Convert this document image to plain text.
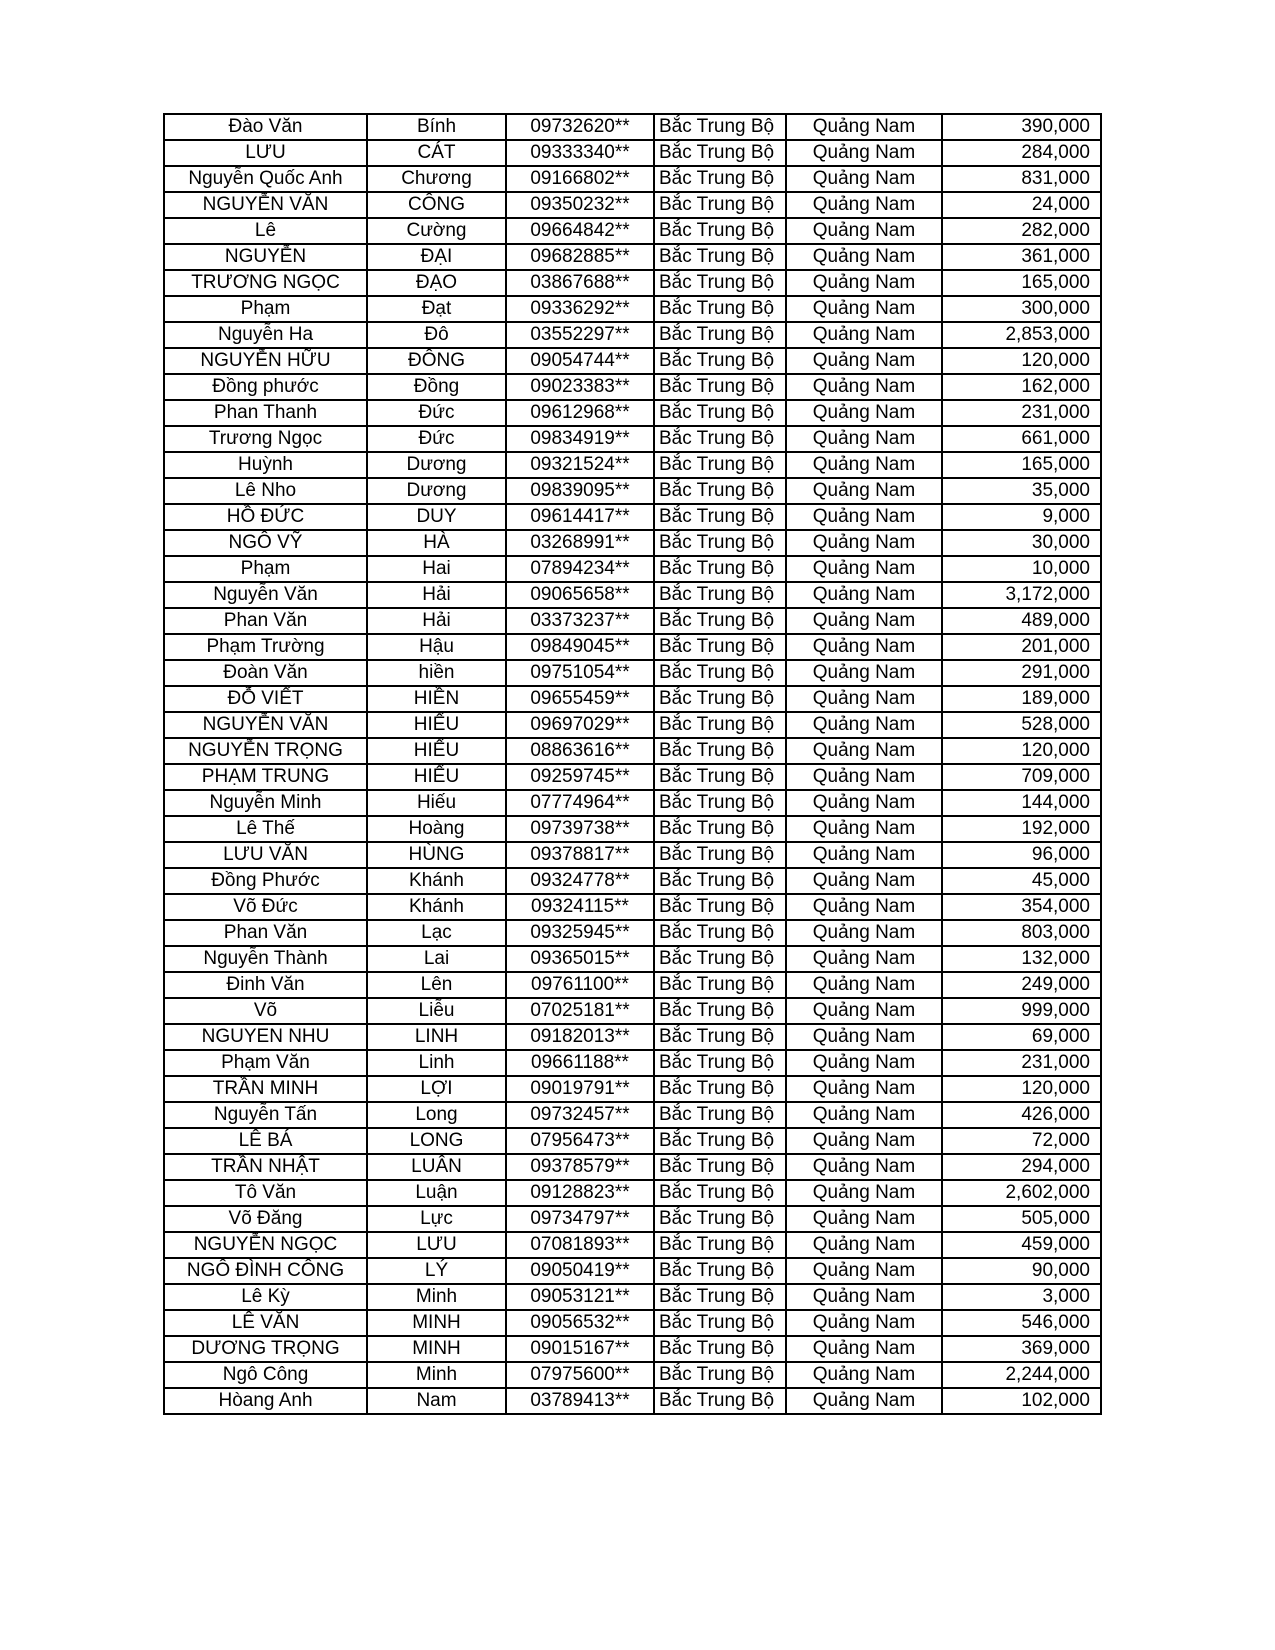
Đào Văn	Bính	09732620**	Bắc Trung Bộ	Quảng Nam	390,000
LƯU	CÁT	09333340**	Bắc Trung Bộ	Quảng Nam	284,000
Nguyễn Quốc Anh	Chương	09166802**	Bắc Trung Bộ	Quảng Nam	831,000
NGUYỄN VĂN	CÔNG	09350232**	Bắc Trung Bộ	Quảng Nam	24,000
Lê	Cường	09664842**	Bắc Trung Bộ	Quảng Nam	282,000
NGUYỄN	ĐẠI	09682885**	Bắc Trung Bộ	Quảng Nam	361,000
TRƯƠNG NGỌC	ĐẠO	03867688**	Bắc Trung Bộ	Quảng Nam	165,000
Phạm	Đạt	09336292**	Bắc Trung Bộ	Quảng Nam	300,000
Nguyễn Ha	Đô	03552297**	Bắc Trung Bộ	Quảng Nam	2,853,000
NGUYỄN HỮU	ĐÔNG	09054744**	Bắc Trung Bộ	Quảng Nam	120,000
Đồng phước	Đồng	09023383**	Bắc Trung Bộ	Quảng Nam	162,000
Phan Thanh	Đức	09612968**	Bắc Trung Bộ	Quảng Nam	231,000
Trương Ngọc	Đức	09834919**	Bắc Trung Bộ	Quảng Nam	661,000
Huỳnh	Dương	09321524**	Bắc Trung Bộ	Quảng Nam	165,000
Lê Nho	Dương	09839095**	Bắc Trung Bộ	Quảng Nam	35,000
HỒ ĐỨC	DUY	09614417**	Bắc Trung Bộ	Quảng Nam	9,000
NGÔ VỸ	HÀ	03268991**	Bắc Trung Bộ	Quảng Nam	30,000
Phạm	Hai	07894234**	Bắc Trung Bộ	Quảng Nam	10,000
Nguyễn Văn	Hải	09065658**	Bắc Trung Bộ	Quảng Nam	3,172,000
Phan Văn	Hải	03373237**	Bắc Trung Bộ	Quảng Nam	489,000
Phạm Trường	Hậu	09849045**	Bắc Trung Bộ	Quảng Nam	201,000
Đoàn Văn	hiền	09751054**	Bắc Trung Bộ	Quảng Nam	291,000
ĐỖ VIẾT	HIỀN	09655459**	Bắc Trung Bộ	Quảng Nam	189,000
NGUYỄN VĂN	HIẾU	09697029**	Bắc Trung Bộ	Quảng Nam	528,000
NGUYỄN TRỌNG	HIẾU	08863616**	Bắc Trung Bộ	Quảng Nam	120,000
PHẠM TRUNG	HIẾU	09259745**	Bắc Trung Bộ	Quảng Nam	709,000
Nguyễn Minh	Hiếu	07774964**	Bắc Trung Bộ	Quảng Nam	144,000
Lê Thế	Hoàng	09739738**	Bắc Trung Bộ	Quảng Nam	192,000
LƯU VĂN	HÙNG	09378817**	Bắc Trung Bộ	Quảng Nam	96,000
Đồng Phước	Khánh	09324778**	Bắc Trung Bộ	Quảng Nam	45,000
Võ Đức	Khánh	09324115**	Bắc Trung Bộ	Quảng Nam	354,000
Phan Văn	Lạc	09325945**	Bắc Trung Bộ	Quảng Nam	803,000
Nguyễn Thành	Lai	09365015**	Bắc Trung Bộ	Quảng Nam	132,000
Đinh Văn	Lên	09761100**	Bắc Trung Bộ	Quảng Nam	249,000
Võ	Liễu	07025181**	Bắc Trung Bộ	Quảng Nam	999,000
NGUYEN NHU	LINH	09182013**	Bắc Trung Bộ	Quảng Nam	69,000
Phạm Văn	Linh	09661188**	Bắc Trung Bộ	Quảng Nam	231,000
TRẦN MINH	LỢI	09019791**	Bắc Trung Bộ	Quảng Nam	120,000
Nguyễn Tấn	Long	09732457**	Bắc Trung Bộ	Quảng Nam	426,000
LÊ BÁ	LONG	07956473**	Bắc Trung Bộ	Quảng Nam	72,000
TRẦN NHẬT	LUÂN	09378579**	Bắc Trung Bộ	Quảng Nam	294,000
Tô Văn	Luận	09128823**	Bắc Trung Bộ	Quảng Nam	2,602,000
Võ Đăng	Lực	09734797**	Bắc Trung Bộ	Quảng Nam	505,000
NGUYỄN NGỌC	LƯU	07081893**	Bắc Trung Bộ	Quảng Nam	459,000
NGÔ ĐÌNH CÔNG	LÝ	09050419**	Bắc Trung Bộ	Quảng Nam	90,000
Lê Kỳ	Minh	09053121**	Bắc Trung Bộ	Quảng Nam	3,000
LÊ VĂN	MINH	09056532**	Bắc Trung Bộ	Quảng Nam	546,000
DƯƠNG TRỌNG	MINH	09015167**	Bắc Trung Bộ	Quảng Nam	369,000
Ngô Công	Minh	07975600**	Bắc Trung Bộ	Quảng Nam	2,244,000
Hòang Anh	Nam	03789413**	Bắc Trung Bộ	Quảng Nam	102,000
